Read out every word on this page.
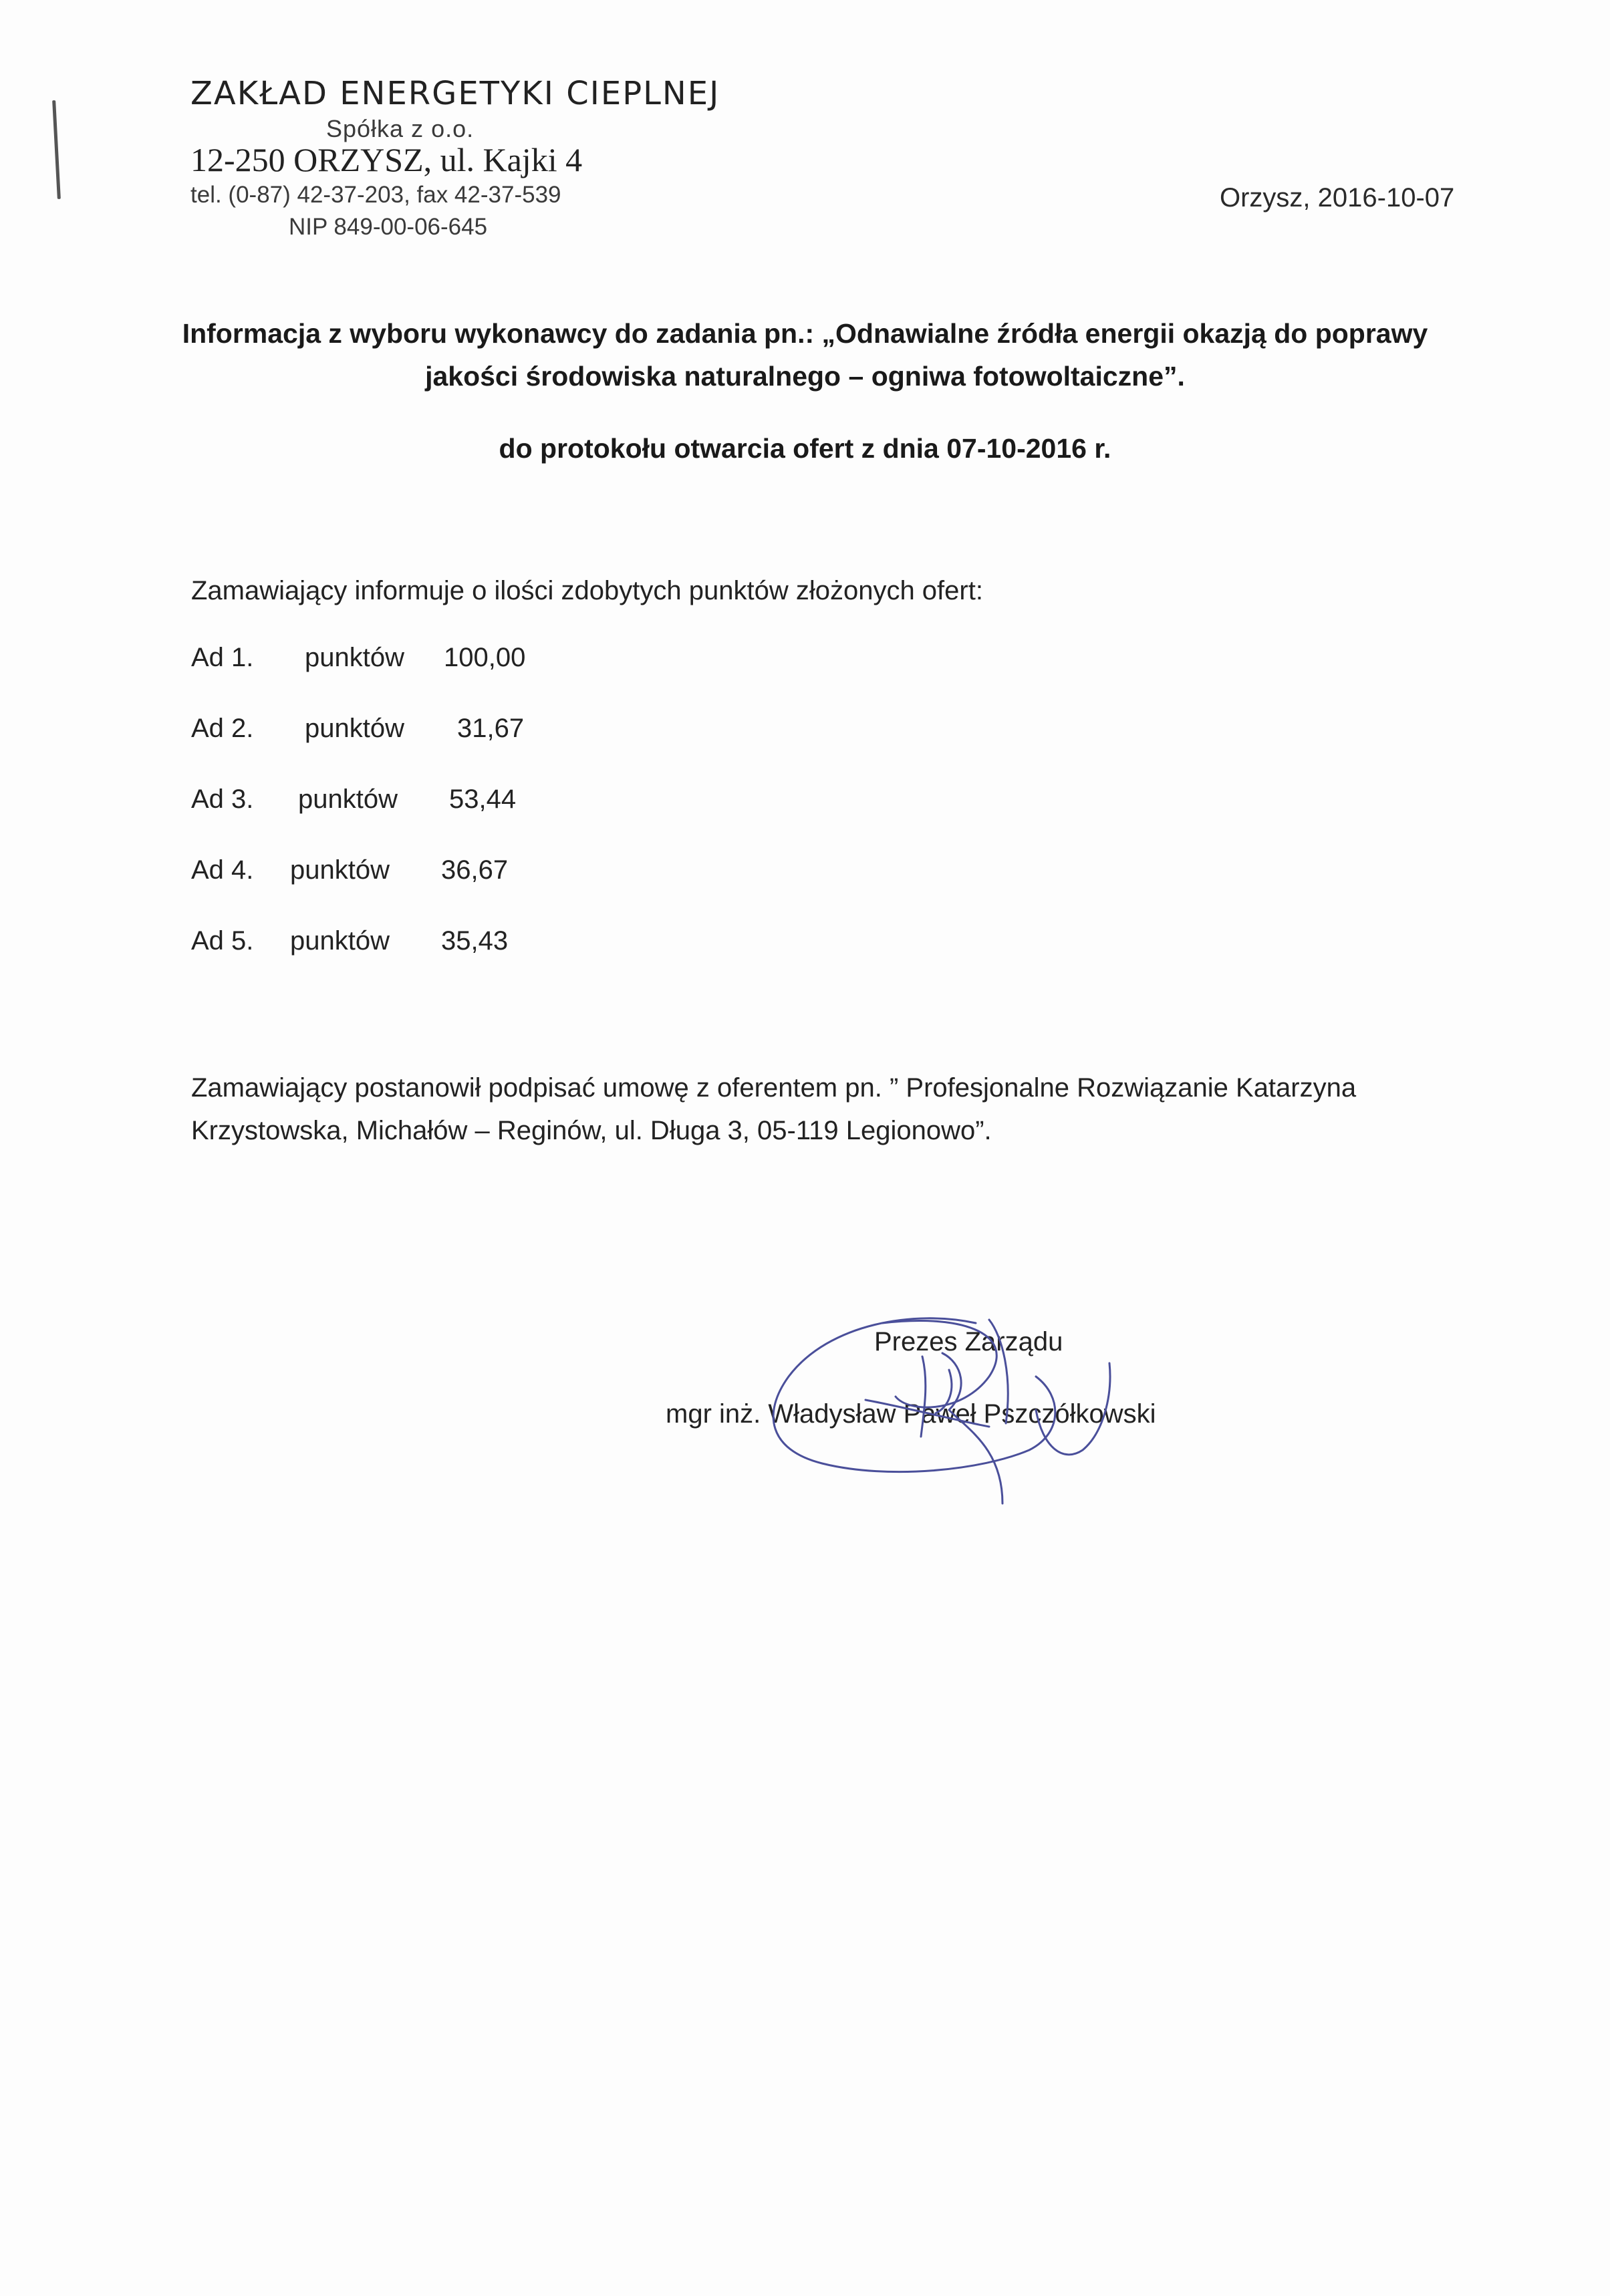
ZAKŁAD ENERGETYKI CIEPLNEJ
Spółka z o.o.
12-250 ORZYSZ, ul. Kajki 4
tel. (0-87) 42-37-203, fax 42-37-539
NIP 849-00-06-645
Orzysz, 2016-10-07
Informacja z wyboru wykonawcy do zadania pn.: „Odnawialne źródła energii okazją do poprawy
jakości środowiska naturalnego – ogniwa fotowoltaiczne”.
do protokołu otwarcia ofert z dnia 07-10-2016 r.
Zamawiający informuje o ilości zdobytych punktów złożonych ofert:
Ad 1. punktów 100,00
Ad 2. punktów 31,67
Ad 3. punktów 53,44
Ad 4. punktów 36,67
Ad 5. punktów 35,43
Zamawiający postanowił podpisać umowę z oferentem pn. ” Profesjonalne Rozwiązanie Katarzyna
Krzystowska, Michałów – Reginów, ul. Długa 3, 05-119 Legionowo”.
Prezes Zarządu
mgr inż. Władysław Paweł Pszczółkowski
